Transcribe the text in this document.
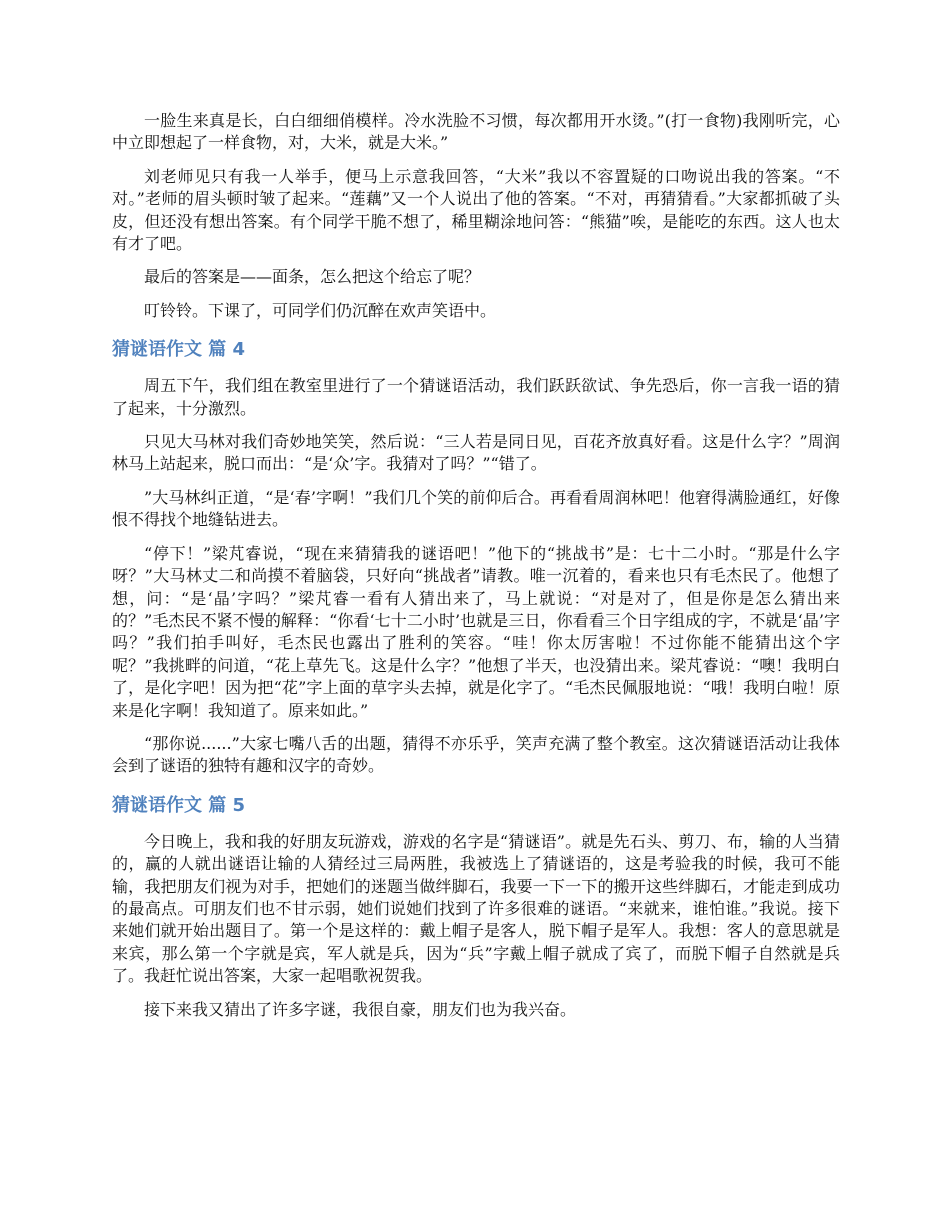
一脸生来真是长，白白细细俏模样。冷水洗脸不习惯，每次都用开水烫。”(打一食物)我刚听完，心中立即想起了一样食物，对，大米，就是大米。”

刘老师见只有我一人举手，便马上示意我回答，“大米”我以不容置疑的口吻说出我的答案。“不对。”老师的眉头顿时皱了起来。“莲藕”又一个人说出了他的答案。“不对，再猜猜看。”大家都抓破了头皮，但还没有想出答案。有个同学干脆不想了，稀里糊涂地问答：“熊猫”唉，是能吃的东西。这人也太有才了吧。

最后的答案是——面条，怎么把这个给忘了呢？

叮铃铃。下课了，可同学们仍沉醉在欢声笑语中。

猜谜语作文 篇 4

周五下午，我们组在教室里进行了一个猜谜语活动，我们跃跃欲试、争先恐后，你一言我一语的猜了起来，十分激烈。

只见大马林对我们奇妙地笑笑，然后说：“三人若是同日见，百花齐放真好看。这是什么字？”周润林马上站起来，脱口而出：“是‘众’字。我猜对了吗？”“错了。

”大马林纠正道，“是‘春’字啊！”我们几个笑的前仰后合。再看看周润林吧！他窘得满脸通红，好像恨不得找个地缝钻进去。

“停下！”梁芃睿说，“现在来猜猜我的谜语吧！”他下的“挑战书”是：七十二小时。“那是什么字呀？”大马林丈二和尚摸不着脑袋，只好向“挑战者”请教。唯一沉着的，看来也只有毛杰民了。他想了想，问：“是‘晶’字吗？”梁芃睿一看有人猜出来了，马上就说：“对是对了，但是你是怎么猜出来的？”毛杰民不紧不慢的解释：“你看‘七十二小时’也就是三日，你看看三个日字组成的字，不就是‘晶’字吗？”我们拍手叫好，毛杰民也露出了胜利的笑容。“哇！你太厉害啦！不过你能不能猜出这个字呢？”我挑畔的问道，“花上草先飞。这是什么字？”他想了半天，也没猜出来。梁芃睿说：“噢！我明白了，是化字吧！因为把“花”字上面的草字头去掉，就是化字了。“毛杰民佩服地说：“哦！我明白啦！原来是化字啊！我知道了。原来如此。”

“那你说......”大家七嘴八舌的出题，猜得不亦乐乎，笑声充满了整个教室。这次猜谜语活动让我体会到了谜语的独特有趣和汉字的奇妙。

猜谜语作文 篇 5

今日晚上，我和我的好朋友玩游戏，游戏的名字是“猜谜语”。就是先石头、剪刀、布，输的人当猜的，赢的人就出谜语让输的人猜经过三局两胜，我被选上了猜谜语的，这是考验我的时候，我可不能输，我把朋友们视为对手，把她们的迷题当做绊脚石，我要一下一下的搬开这些绊脚石，才能走到成功的最高点。可朋友们也不甘示弱，她们说她们找到了许多很难的谜语。“来就来，谁怕谁。”我说。接下来她们就开始出题目了。第一个是这样的：戴上帽子是客人，脱下帽子是军人。我想：客人的意思就是来宾，那么第一个字就是宾，军人就是兵，因为“兵”字戴上帽子就成了宾了，而脱下帽子自然就是兵了。我赶忙说出答案，大家一起唱歌祝贺我。

接下来我又猜出了许多字谜，我很自豪，朋友们也为我兴奋。
